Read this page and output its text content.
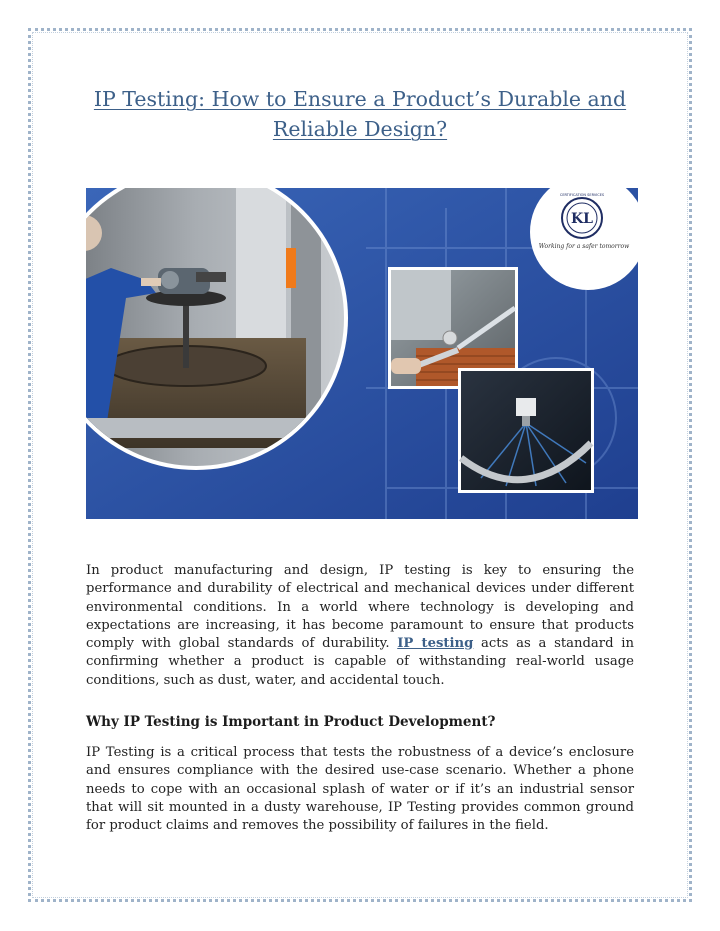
IP Testing: How to Ensure a Product’s Durable and Reliable Design?
KL
CERTIFICATION SERVICES
Working for a safer tomorrow
In product manufacturing and design, IP testing is key to ensuring the performance and durability of electrical and mechanical devices under different environmental conditions. In a world where technology is developing and expectations are increasing, it has become paramount to ensure that products comply with global standards of durability. IP testing acts as a standard in confirming whether a product is capable of withstanding real-world usage conditions, such as dust, water, and accidental touch.
Why IP Testing is Important in Product Development?
IP Testing is a critical process that tests the robustness of a device’s enclosure and ensures compliance with the desired use-case scenario. Whether a phone needs to cope with an occasional splash of water or if it’s an industrial sensor that will sit mounted in a dusty warehouse, IP Testing provides common ground for product claims and removes the possibility of failures in the field.
